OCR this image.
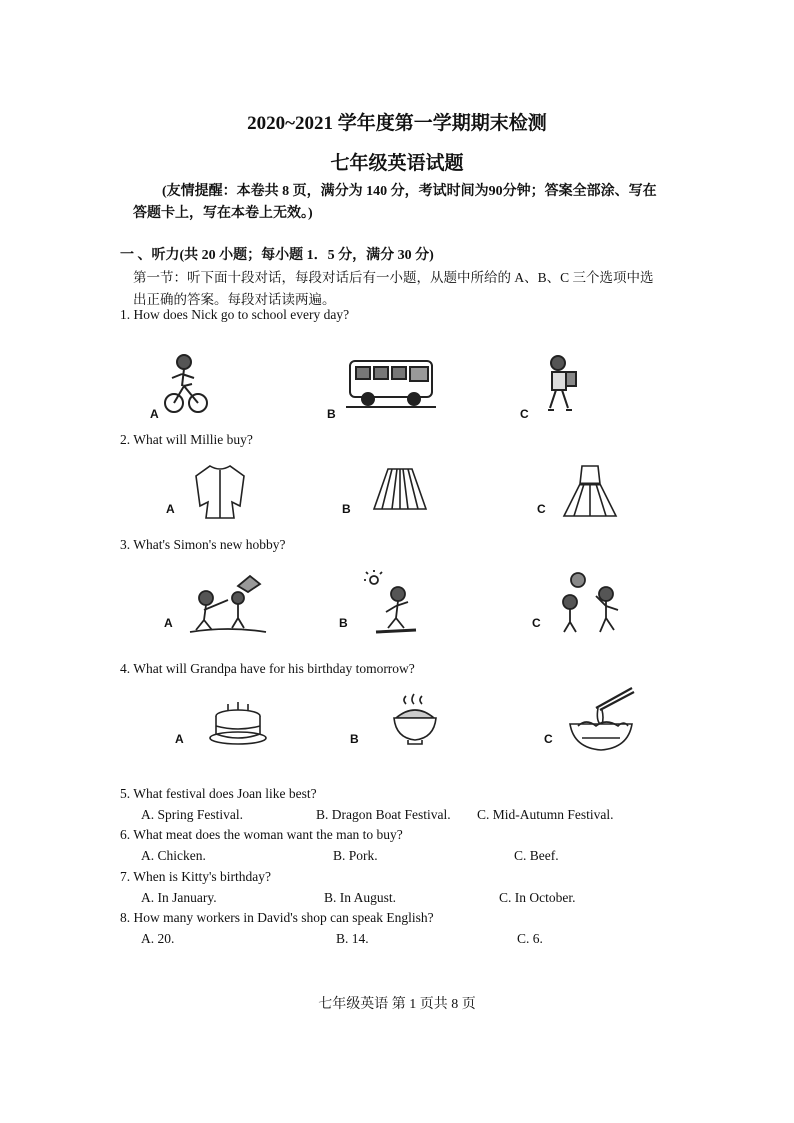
2020~2021 学年度第一学期期末检测
七年级英语试题
(友情提醒：本卷共 8 页，满分为 140 分，考试时间为90分钟；答案全部涂、写在
答题卡上，写在本卷上无效。)
一 、听力(共 20 小题；每小题 1．5 分，满分 30 分)
第一节：听下面十段对话，每段对话后有一小题，从题中所给的 A、B、C 三个选项中选
出正确的答案。每段对话读两遍。
1. How does Nick go to school every day?
A	B	C
2. What will Millie buy?
A	B	C
3. What's Simon's new hobby?
A	B	C
4. What will Grandpa have for his birthday tomorrow?
A	B	C
5. What festival does Joan like best?
A. Spring Festival.	B. Dragon Boat Festival. C. Mid-Autumn Festival.
6. What meat does the woman want the man to buy?
A. Chicken.	B. Pork.	C. Beef.
7. When is Kitty's birthday?
A. In January.	B. In August.	C. In October.
8. How many workers in David's shop can speak English?
A. 20.	B. 14.	C. 6.
七年级英语 第 1 页共 8 页
